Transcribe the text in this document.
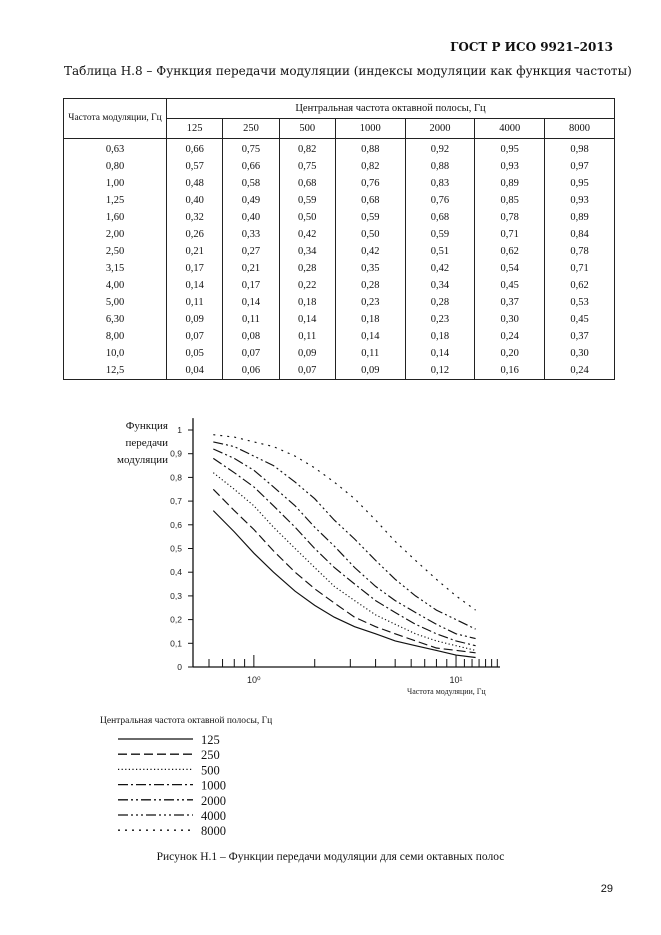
ГОСТ Р ИСО 9921–2013
Таблица Н.8 – Функция передачи модуляции (индексы модуляции как функция частоты)
Частота модуляции, Гц	Центральная частота октавной полосы, Гц						
	125	250	500	1000	2000	4000	8000
0,63	0,66	0,75	0,82	0,88	0,92	0,95	0,98
0,80	0,57	0,66	0,75	0,82	0,88	0,93	0,97
1,00	0,48	0,58	0,68	0,76	0,83	0,89	0,95
1,25	0,40	0,49	0,59	0,68	0,76	0,85	0,93
1,60	0,32	0,40	0,50	0,59	0,68	0,78	0,89
2,00	0,26	0,33	0,42	0,50	0,59	0,71	0,84
2,50	0,21	0,27	0,34	0,42	0,51	0,62	0,78
3,15	0,17	0,21	0,28	0,35	0,42	0,54	0,71
4,00	0,14	0,17	0,22	0,28	0,34	0,45	0,62
5,00	0,11	0,14	0,18	0,23	0,28	0,37	0,53
6,30	0,09	0,11	0,14	0,18	0,23	0,30	0,45
8,00	0,07	0,08	0,11	0,14	0,18	0,24	0,37
10,0	0,05	0,07	0,09	0,11	0,14	0,20	0,30
12,5	0,04	0,06	0,07	0,09	0,12	0,16	0,24
Функция передачи модуляции
0
0,1
0,2
0,3
0,4
0,5
0,6
0,7
0,8
0,9
1
10⁰	10¹
Частота модуляции, Гц
125
250
500
1000
2000
4000
8000
Центральная частота октавной полосы, Гц
Рисунок Н.1 – Функции передачи модуляции для семи октавных полос
29
